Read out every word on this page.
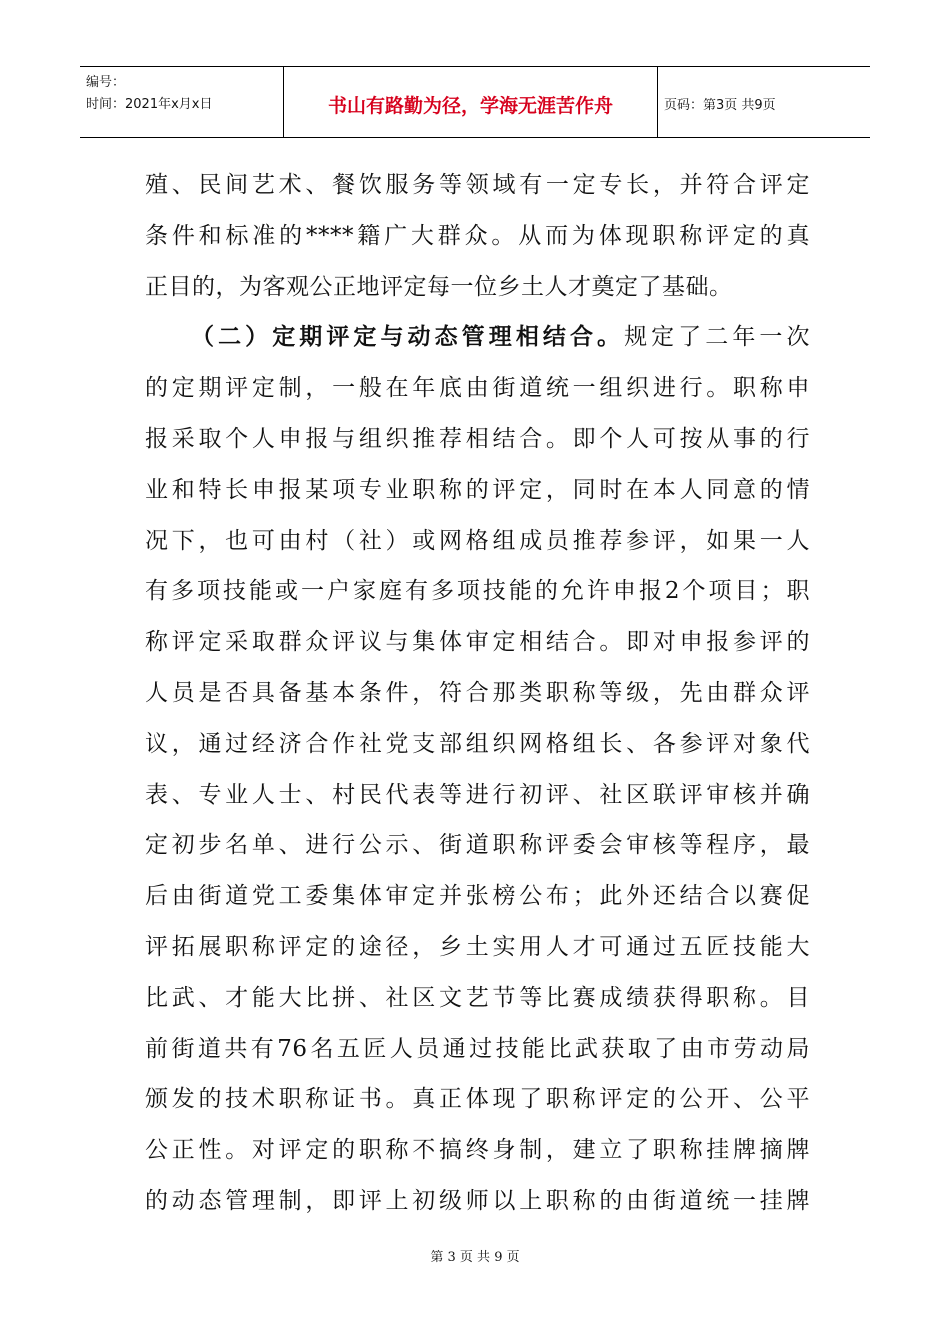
编号：
时间：2021年x月x日	书山有路勤为径，学海无涯苦作舟	页码：第3页 共9页
殖、民间艺术、餐饮服务等领域有一定专长，并符合评定
条件和标准的****籍广大群众。从而为体现职称评定的真
正目的，为客观公正地评定每一位乡土人才奠定了基础。
（二）定期评定与动态管理相结合。规定了二年一次
的定期评定制，一般在年底由街道统一组织进行。职称申
报采取个人申报与组织推荐相结合。即个人可按从事的行
业和特长申报某项专业职称的评定，同时在本人同意的情
况下，也可由村（社）或网格组成员推荐参评，如果一人
有多项技能或一户家庭有多项技能的允许申报2个项目；职
称评定采取群众评议与集体审定相结合。即对申报参评的
人员是否具备基本条件，符合那类职称等级，先由群众评
议，通过经济合作社党支部组织网格组长、各参评对象代
表、专业人士、村民代表等进行初评、社区联评审核并确
定初步名单、进行公示、街道职称评委会审核等程序，最
后由街道党工委集体审定并张榜公布；此外还结合以赛促
评拓展职称评定的途径，乡土实用人才可通过五匠技能大
比武、才能大比拼、社区文艺节等比赛成绩获得职称。目
前街道共有76名五匠人员通过技能比武获取了由市劳动局
颁发的技术职称证书。真正体现了职称评定的公开、公平
公正性。对评定的职称不搞终身制，建立了职称挂牌摘牌
的动态管理制，即评上初级师以上职称的由街道统一挂牌
第 3 页 共 9 页
